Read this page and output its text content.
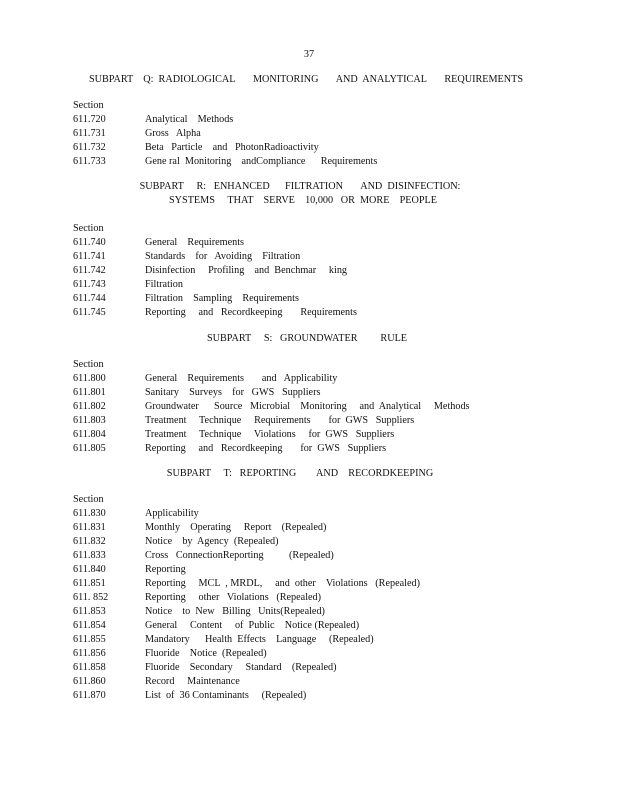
37
SUBPART    Q:  RADIOLOGICAL       MONITORING       AND  ANALYTICAL       REQUIREMENTS
Section
611.720	Analytical    Methods
611.731	Gross   Alpha
611.732	Beta   Particle    and   PhotonRadioactivity
611.733	Gene ral  Monitoring    andCompliance      Requirements
SUBPART     R:   ENHANCED      FILTRATION       AND  DISINFECTION:
SYSTEMS     THAT    SERVE    10,000   OR  MORE    PEOPLE
Section
611.740	General    Requirements
611.741	Standards    for   Avoiding    Filtration
611.742	Disinfection     Profiling    and  Benchmar     king
611.743	Filtration
611.744	Filtration    Sampling    Requirements
611.745	Reporting     and   Recordkeeping       Requirements
SUBPART     S:   GROUNDWATER         RULE
Section
611.800	General    Requirements       and   Applicability
611.801	Sanitary    Surveys    for   GWS   Suppliers
611.802	Groundwater      Source   Microbial    Monitoring     and  Analytical     Methods
611.803	Treatment     Technique     Requirements       for  GWS   Suppliers
611.804	Treatment     Technique     Violations     for  GWS   Suppliers
611.805	Reporting     and   Recordkeeping       for  GWS   Suppliers
SUBPART     T:   REPORTING        AND    RECORDKEEPING
Section
611.830	Applicability
611.831	Monthly    Operating     Report    (Repealed)
611.832	Notice    by  Agency  (Repealed)
611.833	Cross   ConnectionReporting          (Repealed)
611.840	Reporting
611.851	Reporting     MCL  , MRDL,     and  other    Violations   (Repealed)
611. 852	Reporting     other   Violations   (Repealed)
611.853	Notice    to  New   Billing   Units(Repealed)
611.854	General     Content     of  Public    Notice (Repealed)
611.855	Mandatory      Health  Effects    Language     (Repealed)
611.856	Fluoride    Notice  (Repealed)
611.858	Fluoride    Secondary     Standard    (Repealed)
611.860	Record     Maintenance
611.870	List  of  36 Contaminants     (Repealed)
